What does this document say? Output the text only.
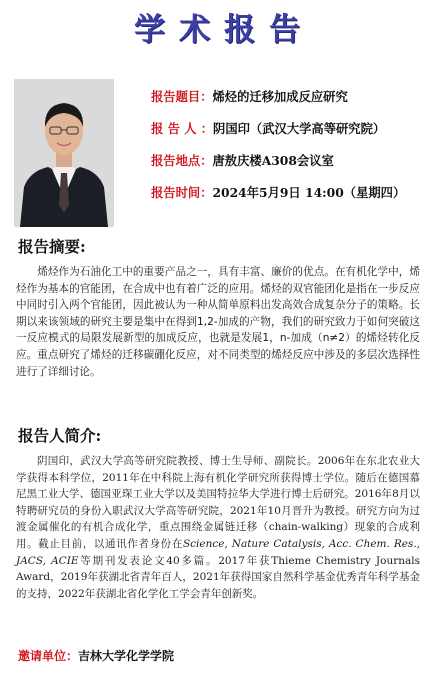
学术报告
报告题目：烯烃的迁移加成反应研究
报 告 人 ：阴国印（武汉大学高等研究院）
报告地点：唐敖庆楼A308会议室
报告时间：2024年5月9日 14:00（星期四）
报告摘要:
烯烃作为石油化工中的重要产品之一，具有丰富、廉价的优点。在有机化学中，烯烃作为基本的官能团，在合成中也有着广泛的应用。烯烃的双官能团化是指在一步反应中同时引入两个官能团，因此被认为一种从简单原料出发高效合成复杂分子的策略。长期以来该领域的研究主要是集中在得到1,2-加成的产物，我们的研究致力于如何突破这一反应模式的局限发展新型的加成反应，也就是发展1，n-加成（n≠2）的烯烃转化反应。重点研究了烯烃的迁移碳硼化反应，对不同类型的烯烃反应中涉及的多层次选择性进行了详细讨论。
报告人简介:
阴国印，武汉大学高等研究院教授、博士生导师、副院长。2006年在东北农业大学获得本科学位，2011年在中科院上海有机化学研究所获得博士学位。随后在德国慕尼黑工业大学、德国亚琛工业大学以及美国特拉华大学进行博士后研究。2016年8月以特聘研究员的身份入职武汉大学高等研究院，2021年10月晋升为教授。研究方向为过渡金属催化的有机合成化学，重点围绕金属链迁移（chain-walking）现象的合成利用。截止目前，以通讯作者身份在Science, Nature Catalysis, Acc. Chem. Res., JACS, ACIE等期刊发表论文40多篇。2017年获Thieme Chemistry Journals Award，2019年获湖北省青年百人，2021年获得国家自然科学基金优秀青年科学基金的支持，2022年获湖北省化学化工学会青年创新奖。
邀请单位：吉林大学化学学院
